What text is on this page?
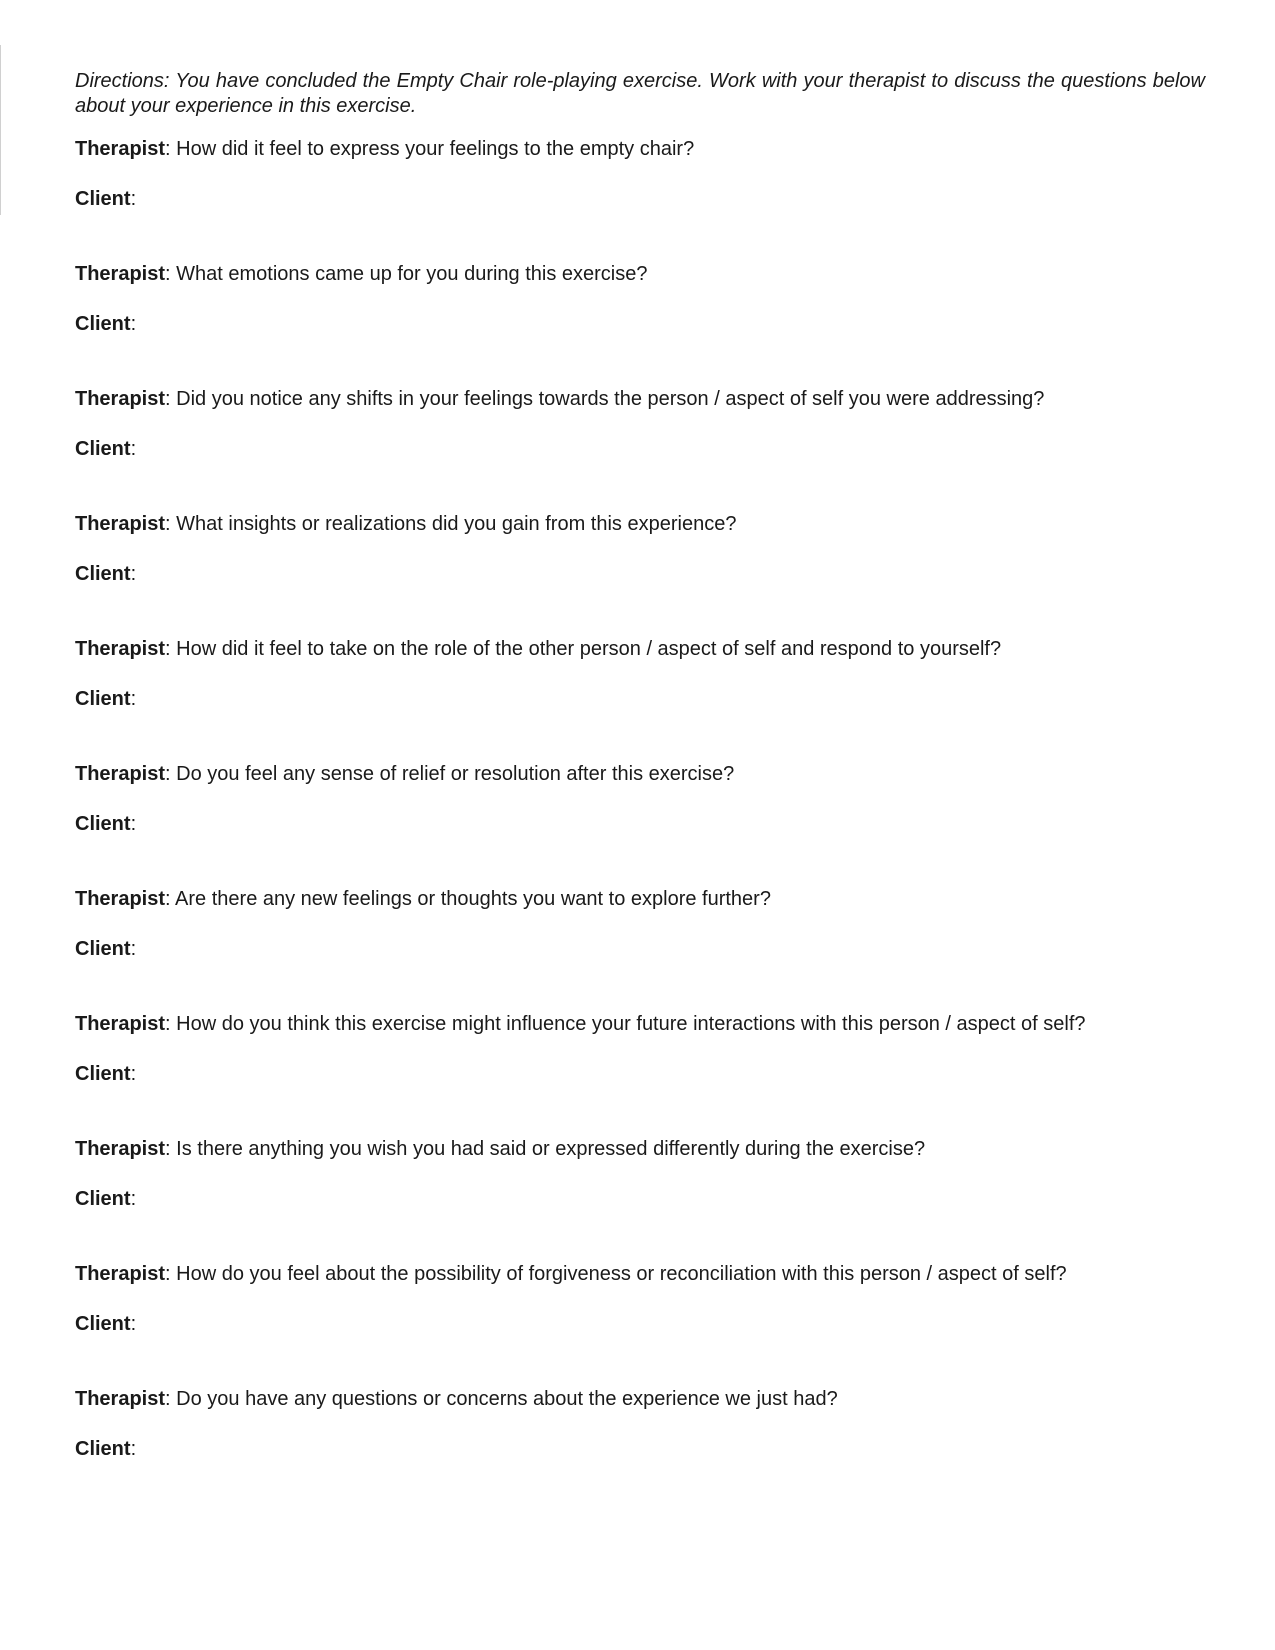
Directions: You have concluded the Empty Chair role-playing exercise. Work with your therapist to discuss the questions below about your experience in this exercise.

Therapist: How did it feel to express your feelings to the empty chair?

Client:

Therapist: What emotions came up for you during this exercise?

Client:

Therapist: Did you notice any shifts in your feelings towards the person / aspect of self you were addressing?

Client:

Therapist: What insights or realizations did you gain from this experience?

Client:

Therapist: How did it feel to take on the role of the other person / aspect of self and respond to yourself?

Client:

Therapist: Do you feel any sense of relief or resolution after this exercise?

Client:

Therapist: Are there any new feelings or thoughts you want to explore further?

Client:

Therapist: How do you think this exercise might influence your future interactions with this person / aspect of self?

Client:

Therapist: Is there anything you wish you had said or expressed differently during the exercise?

Client:

Therapist: How do you feel about the possibility of forgiveness or reconciliation with this person / aspect of self?

Client:

Therapist: Do you have any questions or concerns about the experience we just had?

Client:
